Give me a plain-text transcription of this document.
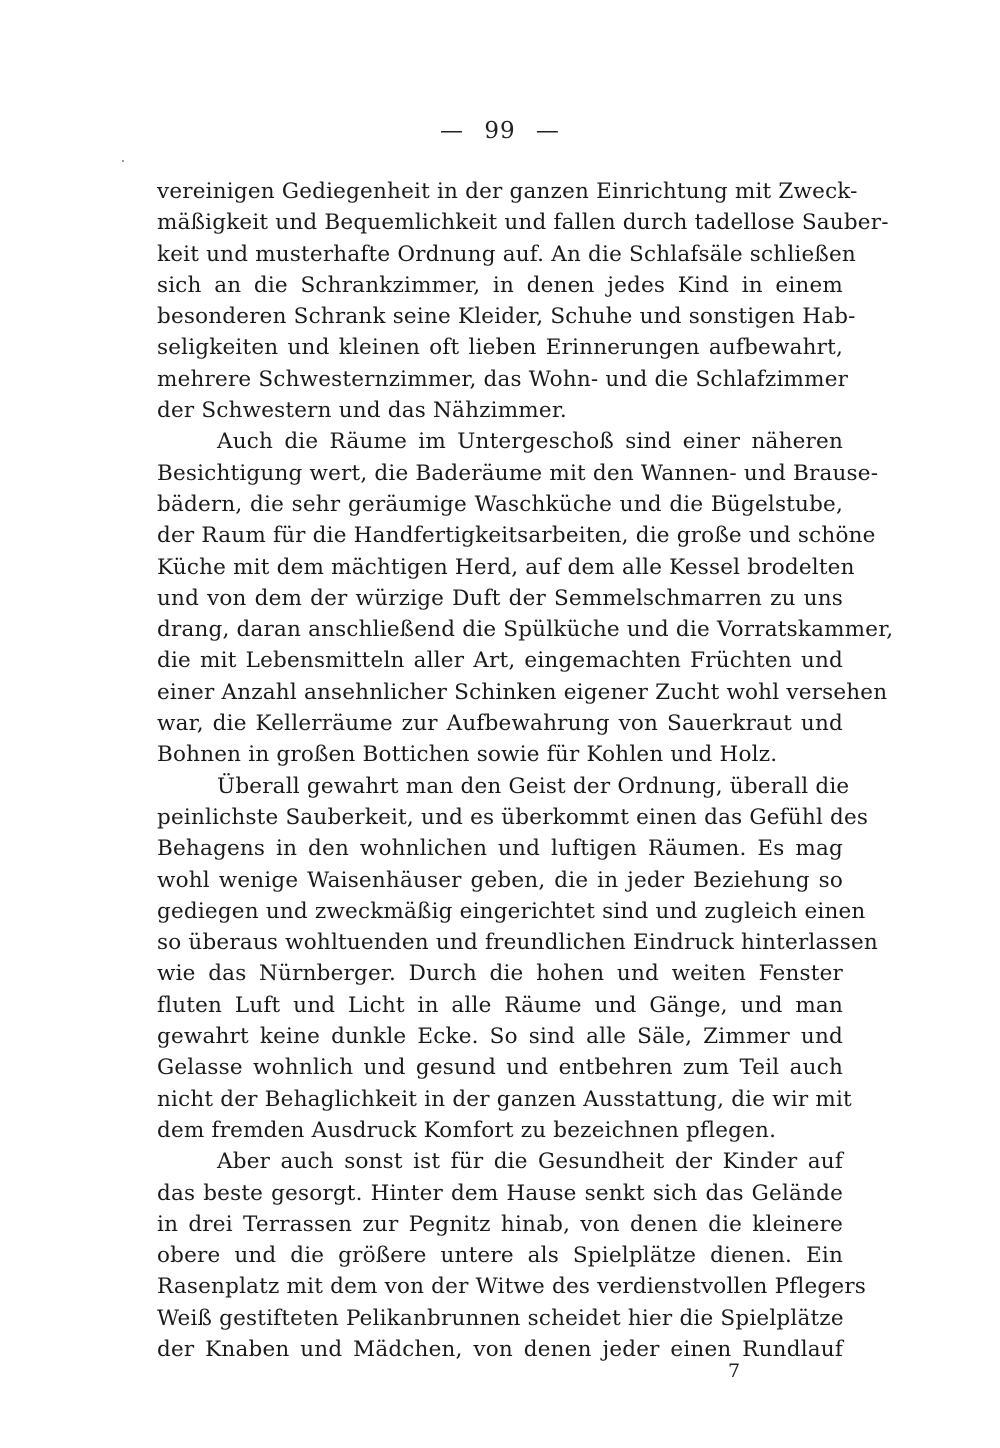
— 99 —
vereinigen Gediegenheit in der ganzen Einrichtung mit Zweck-
mäßigkeit und Bequemlichkeit und fallen durch tadellose Sauber-
keit und musterhafte Ordnung auf. An die Schlafsäle schließen
sich an die Schrankzimmer, in denen jedes Kind in einem
besonderen Schrank seine Kleider, Schuhe und sonstigen Hab-
seligkeiten und kleinen oft lieben Erinnerungen aufbewahrt,
mehrere Schwesternzimmer, das Wohn- und die Schlafzimmer
der Schwestern und das Nähzimmer.
Auch die Räume im Untergeschoß sind einer näheren
Besichtigung wert, die Baderäume mit den Wannen- und Brause-
bädern, die sehr geräumige Waschküche und die Bügelstube,
der Raum für die Handfertigkeitsarbeiten, die große und schöne
Küche mit dem mächtigen Herd, auf dem alle Kessel brodelten
und von dem der würzige Duft der Semmelschmarren zu uns
drang, daran anschließend die Spülküche und die Vorratskammer,
die mit Lebensmitteln aller Art, eingemachten Früchten und
einer Anzahl ansehnlicher Schinken eigener Zucht wohl versehen
war, die Kellerräume zur Aufbewahrung von Sauerkraut und
Bohnen in großen Bottichen sowie für Kohlen und Holz.
Überall gewahrt man den Geist der Ordnung, überall die
peinlichste Sauberkeit, und es überkommt einen das Gefühl des
Behagens in den wohnlichen und luftigen Räumen. Es mag
wohl wenige Waisenhäuser geben, die in jeder Beziehung so
gediegen und zweckmäßig eingerichtet sind und zugleich einen
so überaus wohltuenden und freundlichen Eindruck hinterlassen
wie das Nürnberger. Durch die hohen und weiten Fenster
fluten Luft und Licht in alle Räume und Gänge, und man
gewahrt keine dunkle Ecke. So sind alle Säle, Zimmer und
Gelasse wohnlich und gesund und entbehren zum Teil auch
nicht der Behaglichkeit in der ganzen Ausstattung, die wir mit
dem fremden Ausdruck Komfort zu bezeichnen pflegen.
Aber auch sonst ist für die Gesundheit der Kinder auf
das beste gesorgt. Hinter dem Hause senkt sich das Gelände
in drei Terrassen zur Pegnitz hinab, von denen die kleinere
obere und die größere untere als Spielplätze dienen. Ein
Rasenplatz mit dem von der Witwe des verdienstvollen Pflegers
Weiß gestifteten Pelikanbrunnen scheidet hier die Spielplätze
der Knaben und Mädchen, von denen jeder einen Rundlauf
7
